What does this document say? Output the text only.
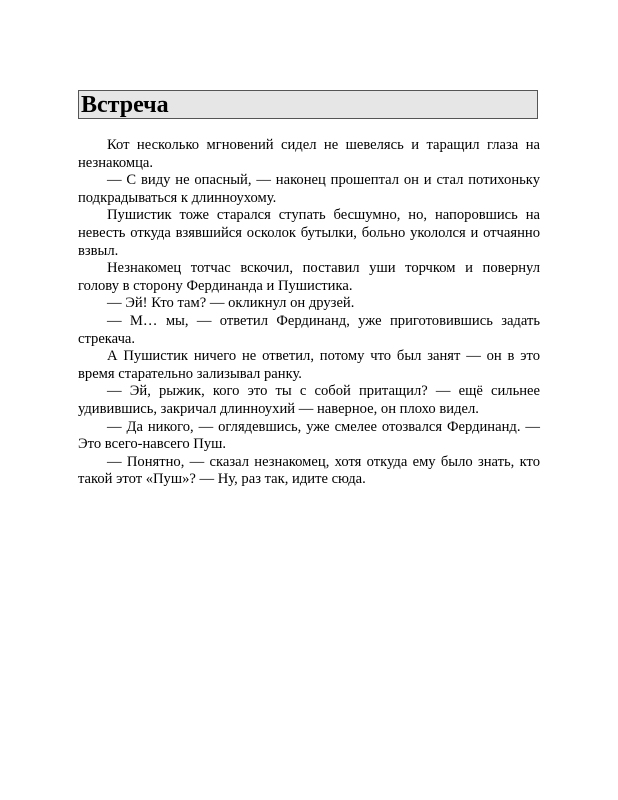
Встреча

Кот несколько мгновений сидел не шевелясь и таращил глаза на незнакомца.

— С виду не опасный, — наконец прошептал он и стал потихоньку подкрадываться к длинноухому.

Пушистик тоже старался ступать бесшумно, но, напоровшись на невесть откуда взявшийся осколок бутылки, больно укололся и отчаянно взвыл.

Незнакомец тотчас вскочил, поставил уши торчком и повернул голову в сторону Фердинанда и Пушистика.

— Эй! Кто там? — окликнул он друзей.

— М… мы, — ответил Фердинанд, уже приготовившись задать стрекача.

А Пушистик ничего не ответил, потому что был занят — он в это время старательно зализывал ранку.

— Эй, рыжик, кого это ты с собой притащил? — ещё сильнее удивившись, закричал длинноухий — наверное, он плохо видел.

— Да никого, — оглядевшись, уже смелее отозвался Фердинанд. — Это всего-навсего Пуш.

— Понятно, — сказал незнакомец, хотя откуда ему было знать, кто такой этот «Пуш»? — Ну, раз так, идите сюда.
